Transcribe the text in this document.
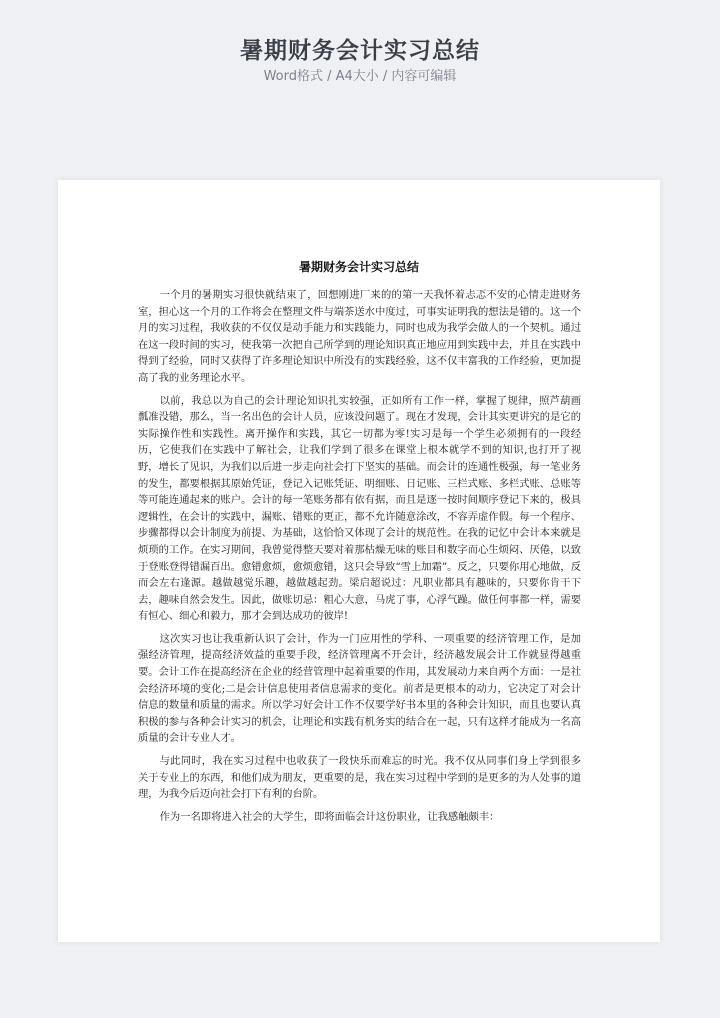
暑期财务会计实习总结
Word格式 / A4大小 / 内容可编辑
暑期财务会计实习总结

一个月的暑期实习很快就结束了，回想刚进厂来的的第一天我怀着忐忑不安的心情走进财务室，担心这一个月的工作将会在整理文件与端茶送水中度过，可事实证明我的想法是错的。这一个月的实习过程，我收获的不仅仅是动手能力和实践能力，同时也成为我学会做人的一个契机。通过在这一段时间的实习，使我第一次把自己所学到的理论知识真正地应用到实践中去，并且在实践中得到了经验，同时又获得了许多理论知识中所没有的实践经验，这不仅丰富我的工作经验，更加提高了我的业务理论水平。

以前，我总以为自己的会计理论知识扎实较强，正如所有工作一样，掌握了规律，照芦葫画瓢准没错，那么，当一名出色的会计人员，应该没问题了。现在才发现，会计其实更讲究的是它的实际操作性和实践性。离开操作和实践，其它一切都为零!实习是每一个学生必须拥有的一段经历，它使我们在实践中了解社会，让我们学到了很多在课堂上根本就学不到的知识,也打开了视野，增长了见识，为我们以后进一步走向社会打下坚实的基础。而会计的连通性极强，每一笔业务的发生，都要根据其原始凭证，登记入记账凭证、明细账、日记账、三栏式账、多栏式账、总账等等可能连通起来的账户。会计的每一笔账务都有依有据，而且是逐一按时间顺序登记下来的，极具逻辑性，在会计的实践中，漏账、错账的更正，都不允许随意涂改，不容弄虚作假。每一个程序、步骤都得以会计制度为前提、为基础，这恰恰又体现了会计的规范性。在我的记忆中会计本来就是烦琐的工作。在实习期间，我曾觉得整天要对着那枯燥无味的账目和数字而心生烦闷、厌倦，以致于登账登得错漏百出。愈错愈烦，愈烦愈错，这只会导致“雪上加霜”。反之，只要你用心地做，反而会左右逢源。越做越觉乐趣，越做越起劲。梁启超说过：凡职业都具有趣味的，只要你肯干下去，趣味自然会发生。因此，做账切忌：粗心大意，马虎了事，心浮气躁。做任何事都一样，需要有恒心、细心和毅力，那才会到达成功的彼岸!

这次实习也让我重新认识了会计，作为一门应用性的学科、一项重要的经济管理工作，是加强经济管理，提高经济效益的重要手段，经济管理离不开会计，经济越发展会计工作就显得越重要。会计工作在提高经济在企业的经营管理中起着重要的作用，其发展动力来自两个方面：一是社会经济环境的变化;二是会计信息使用者信息需求的变化。前者是更根本的动力，它决定了对会计信息的数量和质量的需求。所以学习好会计工作不仅要学好书本里的各种会计知识，而且也要认真积极的参与各种会计实习的机会，让理论和实践有机务实的结合在一起，只有这样才能成为一名高质量的会计专业人才。

与此同时，我在实习过程中也收获了一段快乐而难忘的时光。我不仅从同事们身上学到很多关于专业上的东西，和他们成为朋友，更重要的是，我在实习过程中学到的是更多的为人处事的道理，为我今后迈向社会打下有利的台阶。

作为一名即将进入社会的大学生，即将面临会计这份职业，让我感触颇丰：
